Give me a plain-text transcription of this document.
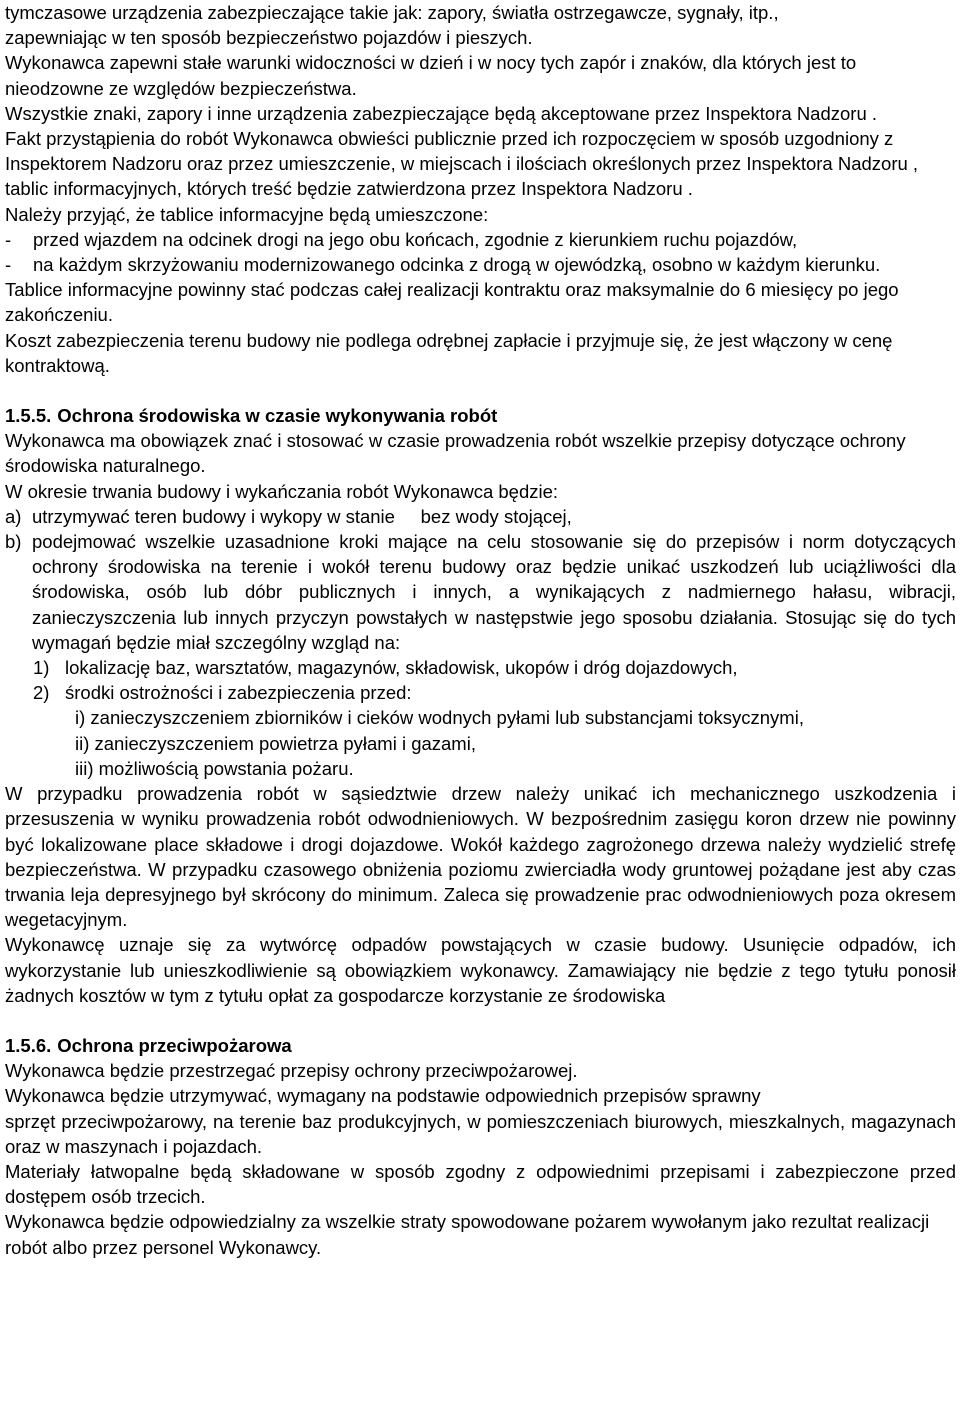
tymczasowe urządzenia zabezpieczające takie jak: zapory, światła ostrzegawcze, sygnały, itp.,

zapewniając w ten sposób bezpieczeństwo pojazdów i pieszych.

Wykonawca zapewni stałe warunki widoczności w dzień i w nocy tych zapór i znaków, dla których jest to nieodzowne ze względów bezpieczeństwa.

Wszystkie znaki, zapory i inne urządzenia zabezpieczające będą akceptowane przez Inspektora Nadzoru .

Fakt przystąpienia do robót Wykonawca obwieści publicznie przed ich rozpoczęciem w sposób uzgodniony z Inspektorem Nadzoru oraz przez umieszczenie, w miejscach i ilościach określonych przez Inspektora Nadzoru , tablic informacyjnych, których treść będzie zatwierdzona przez Inspektora Nadzoru .

Należy przyjąć, że tablice informacyjne będą umieszczone:

-	przed wjazdem na odcinek drogi na jego obu końcach, zgodnie z kierunkiem ruchu pojazdów,
-	na każdym skrzyżowaniu modernizowanego odcinka z drogą w ojewódzką, osobno w każdym kierunku.

Tablice informacyjne powinny stać podczas całej realizacji kontraktu oraz maksymalnie do 6 miesięcy po jego zakończeniu.

Koszt zabezpieczenia terenu budowy nie podlega odrębnej zapłacie i przyjmuje się, że jest włączony w cenę kontraktową.

1.5.5. Ochrona środowiska w czasie wykonywania robót

Wykonawca ma obowiązek znać i stosować w czasie prowadzenia robót wszelkie przepisy dotyczące ochrony środowiska naturalnego.

W okresie trwania budowy i wykańczania robót Wykonawca będzie:

a) utrzymywać teren budowy i wykopy w stanie     bez wody stojącej,
b) podejmować wszelkie uzasadnione kroki mające na celu stosowanie się do przepisów i norm dotyczących ochrony środowiska na terenie i wokół terenu budowy oraz będzie unikać uszkodzeń lub uciążliwości dla środowiska, osób lub dóbr publicznych i innych, a wynikających z nadmiernego hałasu, wibracji, zanieczyszczenia lub innych przyczyn powstałych w następstwie jego sposobu działania. Stosując się do tych wymagań będzie miał szczególny wzgląd na:
1) lokalizację baz, warsztatów, magazynów, składowisk, ukopów i dróg dojazdowych,
2) środki ostrożności i zabezpieczenia przed:

i) zanieczyszczeniem zbiorników i cieków wodnych pyłami lub substancjami toksycznymi,

ii) zanieczyszczeniem powietrza pyłami i gazami,

iii) możliwością powstania pożaru.

W przypadku prowadzenia robót w sąsiedztwie drzew należy unikać ich mechanicznego uszkodzenia i przesuszenia w wyniku prowadzenia robót odwodnieniowych. W bezpośrednim zasięgu koron drzew nie powinny być lokalizowane place składowe i drogi dojazdowe. Wokół każdego zagrożonego drzewa należy wydzielić strefę bezpieczeństwa. W przypadku czasowego obniżenia poziomu zwierciadła wody gruntowej pożądane jest aby czas trwania leja depresyjnego był skrócony do minimum. Zaleca się prowadzenie prac odwodnieniowych poza okresem wegetacyjnym.

Wykonawcę uznaje się za wytwórcę odpadów powstających w czasie budowy. Usunięcie odpadów, ich wykorzystanie lub unieszkodliwienie są obowiązkiem wykonawcy. Zamawiający nie będzie z tego tytułu ponosił żadnych kosztów w tym z tytułu opłat za gospodarcze korzystanie ze środowiska

1.5.6. Ochrona przeciwpożarowa

Wykonawca będzie przestrzegać przepisy ochrony przeciwpożarowej.

Wykonawca będzie utrzymywać, wymagany na podstawie odpowiednich przepisów sprawny

sprzęt przeciwpożarowy, na terenie baz produkcyjnych, w pomieszczeniach biurowych, mieszkalnych, magazynach oraz w maszynach i pojazdach.

Materiały łatwopalne będą składowane w sposób zgodny z odpowiednimi przepisami i zabezpieczone przed dostępem osób trzecich.

Wykonawca będzie odpowiedzialny za wszelkie straty spowodowane pożarem wywołanym jako rezultat realizacji robót albo przez personel Wykonawcy.
